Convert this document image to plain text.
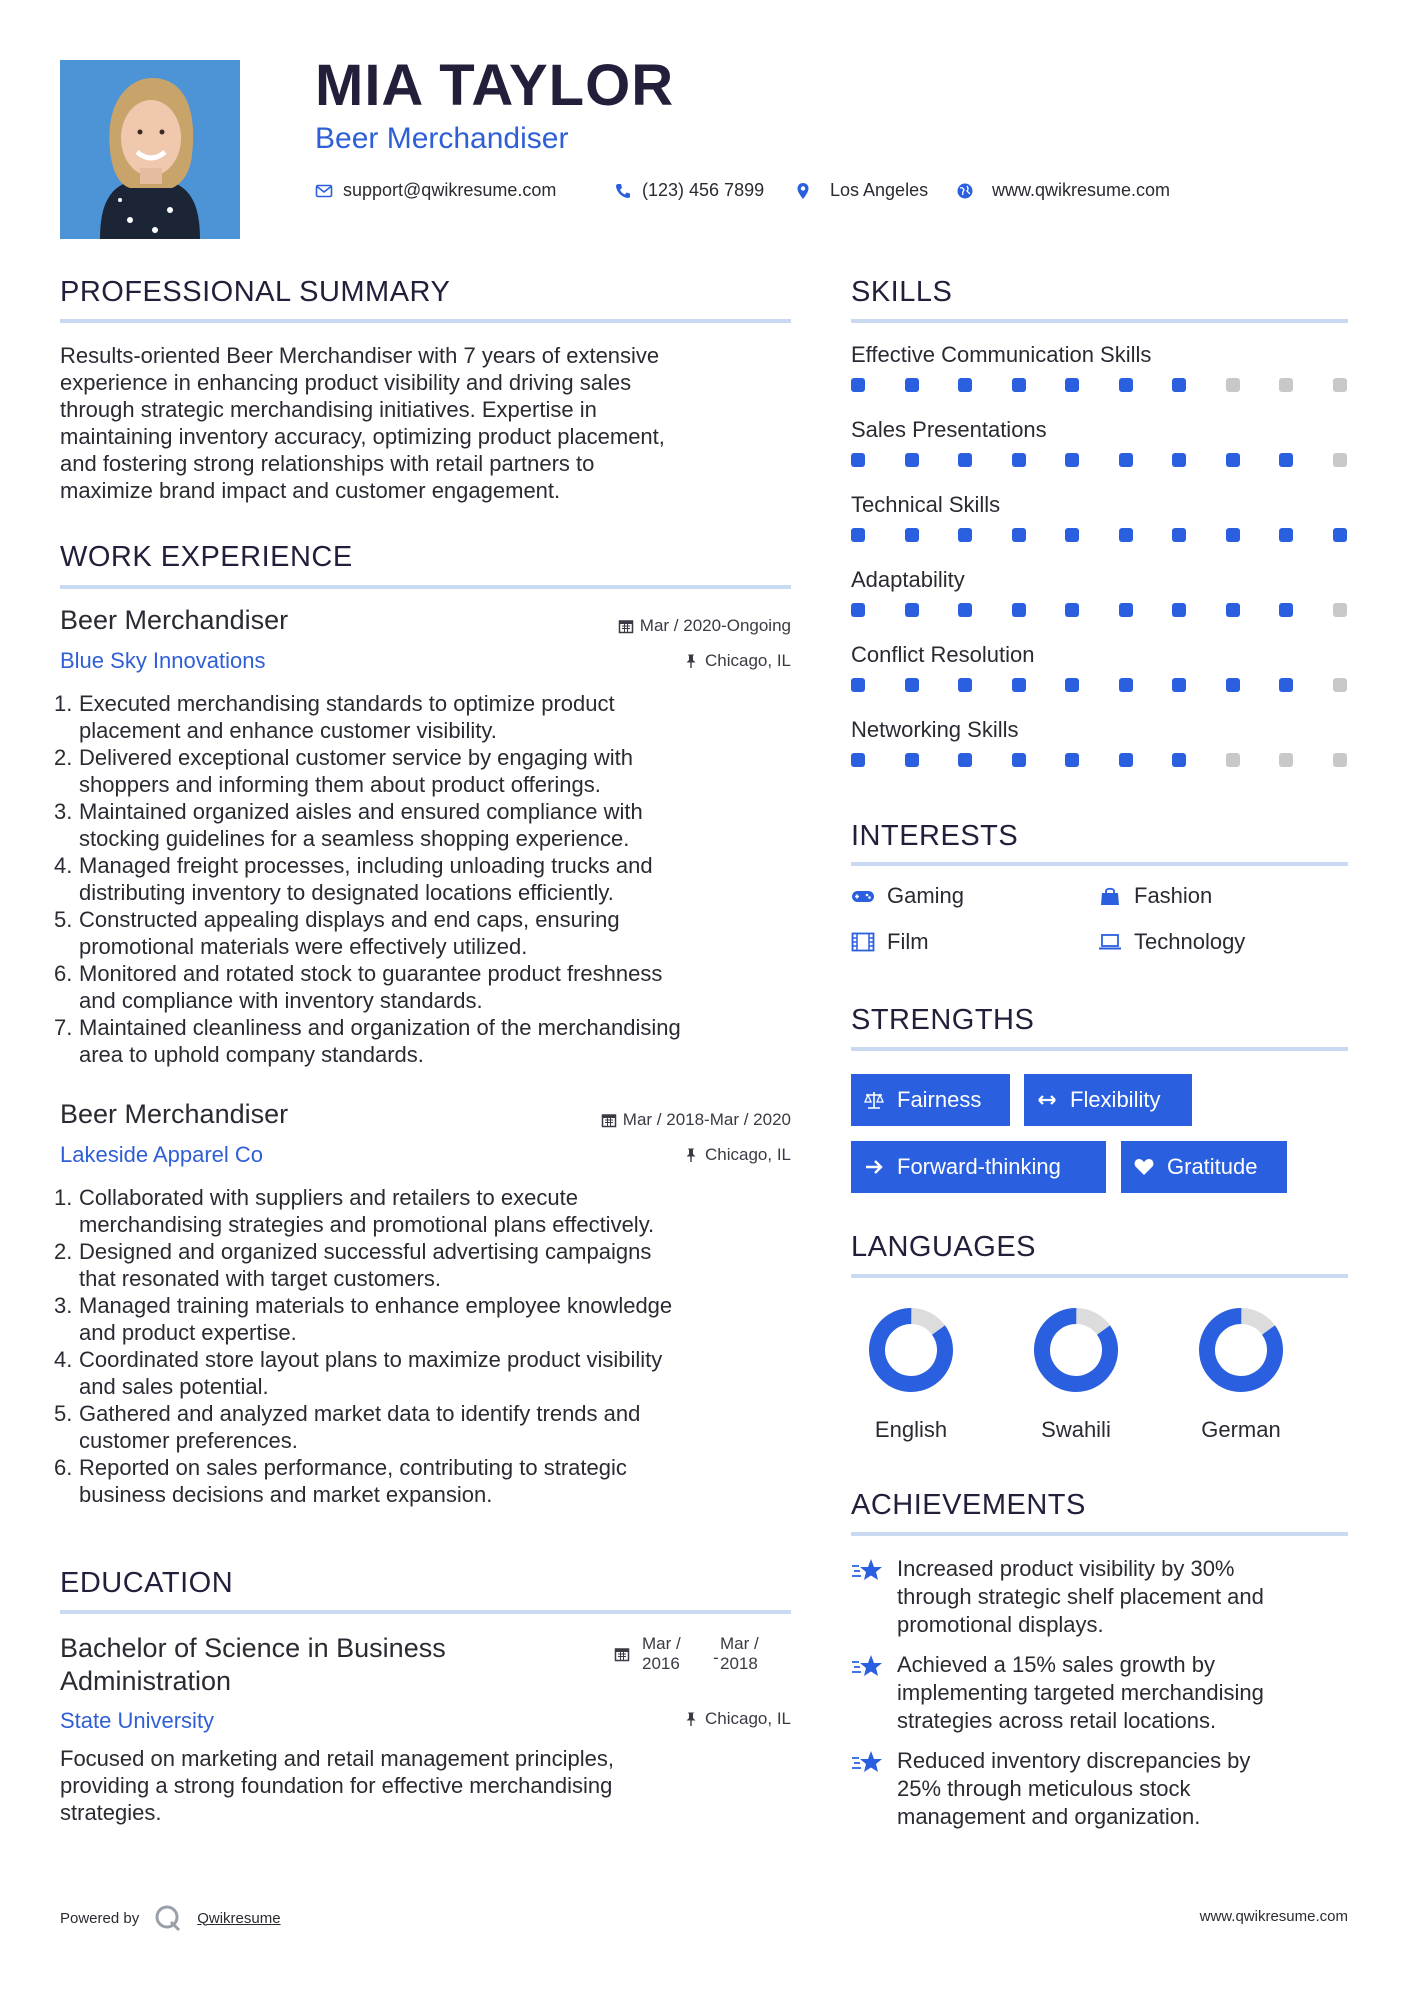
MIA TAYLOR
Beer Merchandiser
support@qwikresume.com	(123) 456 7899	Los Angeles	www.qwikresume.com
PROFESSIONAL SUMMARY
Results-oriented Beer Merchandiser with 7 years of extensive
experience in enhancing product visibility and driving sales
through strategic merchandising initiatives. Expertise in
maintaining inventory accuracy, optimizing product placement,
and fostering strong relationships with retail partners to
maximize brand impact and customer engagement.
WORK EXPERIENCE
Beer Merchandiser	Mar / 2020-Ongoing
Blue Sky Innovations	Chicago, IL
1. Executed merchandising standards to optimize product
placement and enhance customer visibility.
2. Delivered exceptional customer service by engaging with
shoppers and informing them about product offerings.
3. Maintained organized aisles and ensured compliance with
stocking guidelines for a seamless shopping experience.
4. Managed freight processes, including unloading trucks and
distributing inventory to designated locations efficiently.
5. Constructed appealing displays and end caps, ensuring
promotional materials were effectively utilized.
6. Monitored and rotated stock to guarantee product freshness
and compliance with inventory standards.
7. Maintained cleanliness and organization of the merchandising
area to uphold company standards.
Beer Merchandiser	Mar / 2018-Mar / 2020
Lakeside Apparel Co	Chicago, IL
1. Collaborated with suppliers and retailers to execute
merchandising strategies and promotional plans effectively.
2. Designed and organized successful advertising campaigns
that resonated with target customers.
3. Managed training materials to enhance employee knowledge
and product expertise.
4. Coordinated store layout plans to maximize product visibility
and sales potential.
5. Gathered and analyzed market data to identify trends and
customer preferences.
6. Reported on sales performance, contributing to strategic
business decisions and market expansion.
EDUCATION
Bachelor of Science in Business
Administration
Mar /
2016 -
Mar /
2018
State University	Chicago, IL
Focused on marketing and retail management principles,
providing a strong foundation for effective merchandising
strategies.
SKILLS
Effective Communication Skills
Sales Presentations
Technical Skills
Adaptability
Conflict Resolution
Networking Skills
INTERESTS
Gaming	Fashion
Film	Technology
STRENGTHS
Fairness	Flexibility
Forward-thinking	Gratitude
LANGUAGES
English	Swahili	German
ACHIEVEMENTS
Increased product visibility by 30%
through strategic shelf placement and
promotional displays.
Achieved a 15% sales growth by
implementing targeted merchandising
strategies across retail locations.
Reduced inventory discrepancies by
25% through meticulous stock
management and organization.
Powered by	Qwikresume	www.qwikresume.com
